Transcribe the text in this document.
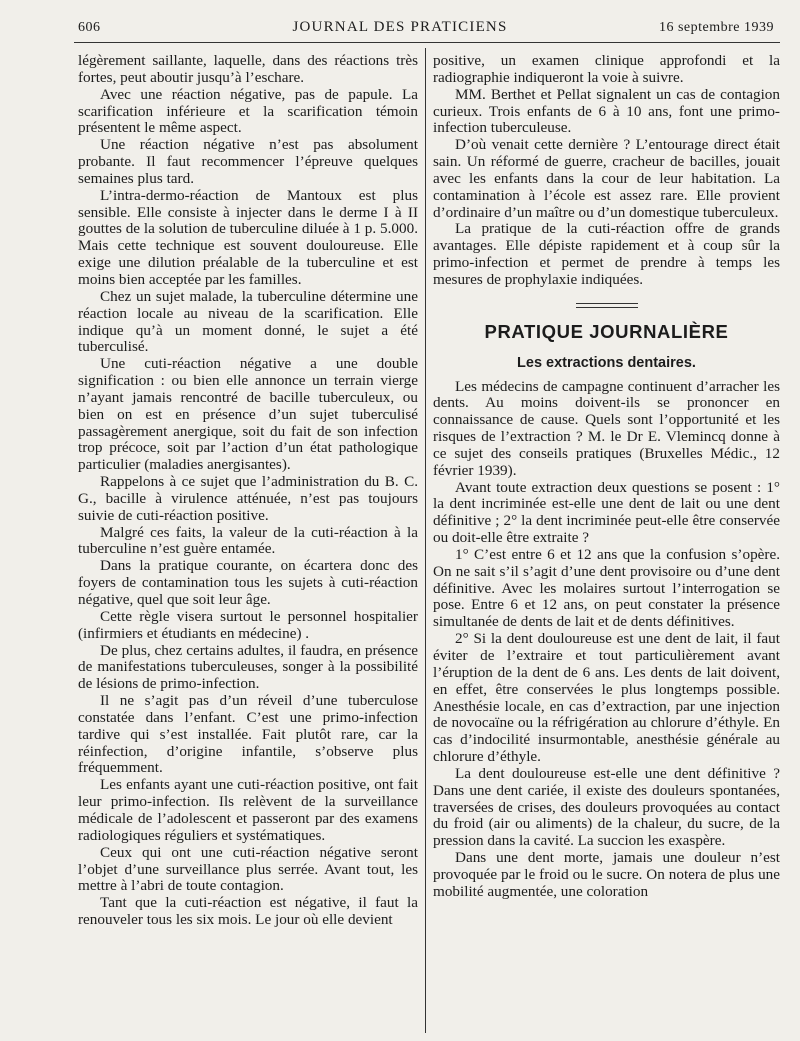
606	JOURNAL DES PRATICIENS	16 septembre 1939

légèrement saillante, laquelle, dans des réactions très fortes, peut aboutir jusqu’à l’eschare.

Avec une réaction négative, pas de papule. La scarification inférieure et la scarification témoin présentent le même aspect.

Une réaction négative n’est pas absolument probante. Il faut recommencer l’épreuve quelques semaines plus tard.

L’intra-dermo-réaction de Mantoux est plus sensible. Elle consiste à injecter dans le derme I à II gouttes de la solution de tuberculine diluée à 1 p. 5.000. Mais cette technique est souvent douloureuse. Elle exige une dilution préalable de la tuberculine et est moins bien acceptée par les familles.

Chez un sujet malade, la tuberculine détermine une réaction locale au niveau de la scarification. Elle indique qu’à un moment donné, le sujet a été tuberculisé.

Une cuti-réaction négative a une double signification : ou bien elle annonce un terrain vierge n’ayant jamais rencontré de bacille tuberculeux, ou bien on est en présence d’un sujet tuberculisé passagèrement anergique, soit du fait de son infection trop précoce, soit par l’action d’un état pathologique particulier (maladies anergisantes).

Rappelons à ce sujet que l’administration du B. C. G., bacille à virulence atténuée, n’est pas toujours suivie de cuti-réaction positive.

Malgré ces faits, la valeur de la cuti-réaction à la tuberculine n’est guère entamée.

Dans la pratique courante, on écartera donc des foyers de contamination tous les sujets à cuti-réaction négative, quel que soit leur âge.

Cette règle visera surtout le personnel hospitalier (infirmiers et étudiants en médecine) .

De plus, chez certains adultes, il faudra, en présence de manifestations tuberculeuses, songer à la possibilité de lésions de primo-infection.

Il ne s’agit pas d’un réveil d’une tuberculose constatée dans l’enfant. C’est une primo-infection tardive qui s’est installée. Fait plutôt rare, car la réinfection, d’origine infantile, s’observe plus fréquemment.

Les enfants ayant une cuti-réaction positive, ont fait leur primo-infection. Ils relèvent de la surveillance médicale de l’adolescent et passeront par des examens radiologiques réguliers et systématiques.

Ceux qui ont une cuti-réaction négative seront l’objet d’une surveillance plus serrée. Avant tout, les mettre à l’abri de toute contagion.

Tant que la cuti-réaction est négative, il faut la renouveler tous les six mois. Le jour où elle devient

positive, un examen clinique approfondi et la radiographie indiqueront la voie à suivre.

MM. Berthet et Pellat signalent un cas de contagion curieux. Trois enfants de 6 à 10 ans, font une primo-infection tuberculeuse.

D’où venait cette dernière ? L’entourage direct était sain. Un réformé de guerre, cracheur de bacilles, jouait avec les enfants dans la cour de leur habitation. La contamination à l’école est assez rare. Elle provient d’ordinaire d’un maître ou d’un domestique tuberculeux.

La pratique de la cuti-réaction offre de grands avantages. Elle dépiste rapidement et à coup sûr la primo-infection et permet de prendre à temps les mesures de prophylaxie indiquées.

PRATIQUE JOURNALIÈRE
Les extractions dentaires.

Les médecins de campagne continuent d’arracher les dents. Au moins doivent-ils se prononcer en connaissance de cause. Quels sont l’opportunité et les risques de l’extraction ? M. le Dr E. Vlemincq donne à ce sujet des conseils pratiques (Bruxelles Médic., 12 février 1939).

Avant toute extraction deux questions se posent : 1° la dent incriminée est-elle une dent de lait ou une dent définitive ; 2° la dent incriminée peut-elle être conservée ou doit-elle être extraite ?

1° C’est entre 6 et 12 ans que la confusion s’opère. On ne sait s’il s’agit d’une dent provisoire ou d’une dent définitive. Avec les molaires surtout l’interrogation se pose. Entre 6 et 12 ans, on peut constater la présence simultanée de dents de lait et de dents définitives.

2° Si la dent douloureuse est une dent de lait, il faut éviter de l’extraire et tout particulièrement avant l’éruption de la dent de 6 ans. Les dents de lait doivent, en effet, être conservées le plus longtemps possible. Anesthésie locale, en cas d’extraction, par une injection de novocaïne ou la réfrigération au chlorure d’éthyle. En cas d’indocilité insurmontable, anesthésie générale au chlorure d’éthyle.

La dent douloureuse est-elle une dent définitive ? Dans une dent cariée, il existe des douleurs spontanées, traversées de crises, des douleurs provoquées au contact du froid (air ou aliments) de la chaleur, du sucre, de la pression dans la cavité. La succion les exaspère.

Dans une dent morte, jamais une douleur n’est provoquée par le froid ou le sucre. On notera de plus une mobilité augmentée, une coloration
